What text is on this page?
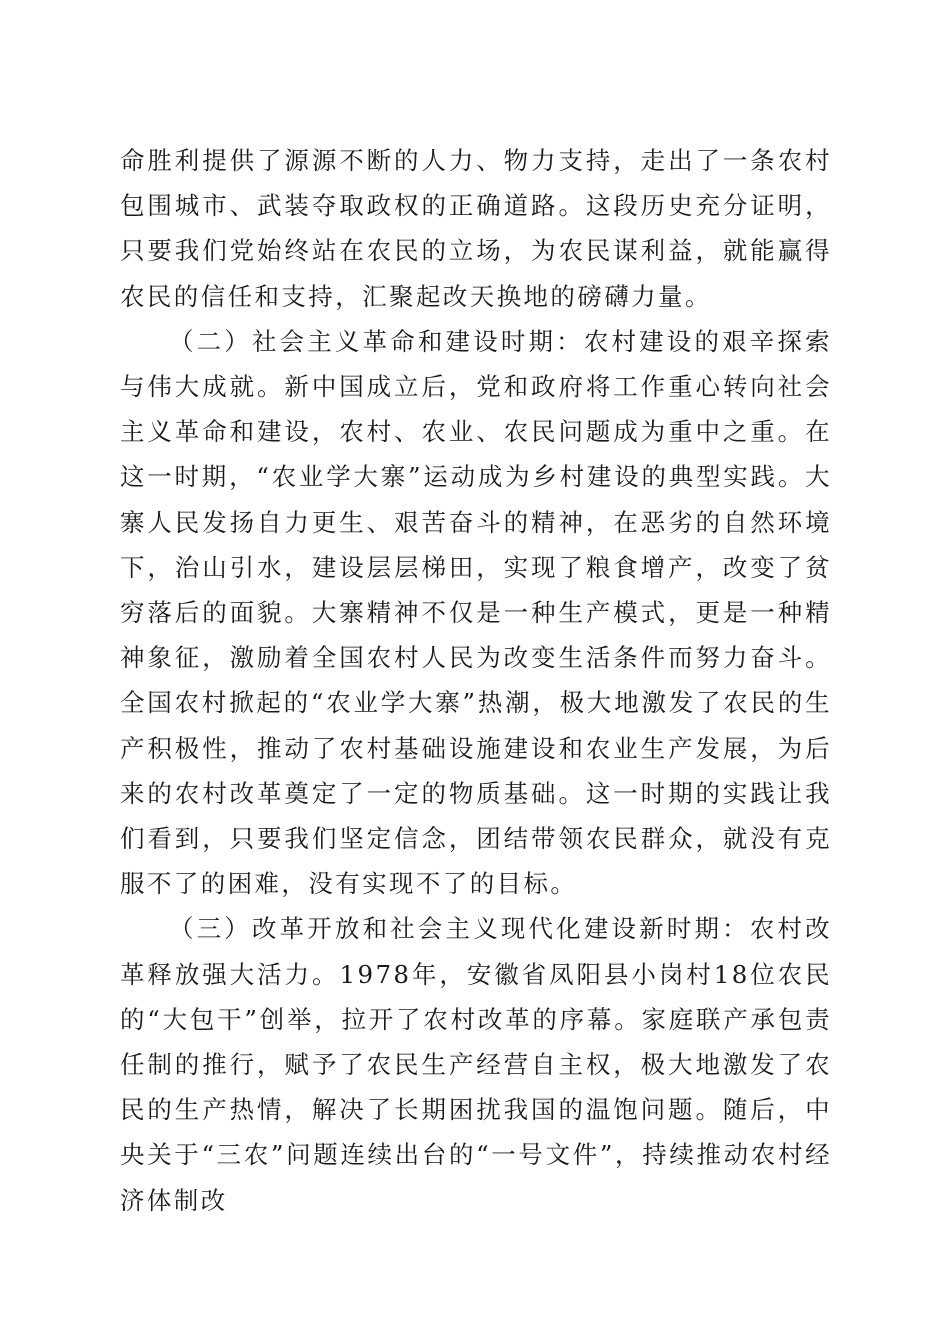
命胜利提供了源源不断的人力、物力支持，走出了一条农村包围城市、武装夺取政权的正确道路。这段历史充分证明，只要我们党始终站在农民的立场，为农民谋利益，就能赢得农民的信任和支持，汇聚起改天换地的磅礴力量。

（二）社会主义革命和建设时期：农村建设的艰辛探索与伟大成就。新中国成立后，党和政府将工作重心转向社会主义革命和建设，农村、农业、农民问题成为重中之重。在这一时期，“农业学大寨”运动成为乡村建设的典型实践。大寨人民发扬自力更生、艰苦奋斗的精神，在恶劣的自然环境下，治山引水，建设层层梯田，实现了粮食增产，改变了贫穷落后的面貌。大寨精神不仅是一种生产模式，更是一种精神象征，激励着全国农村人民为改变生活条件而努力奋斗。全国农村掀起的“农业学大寨”热潮，极大地激发了农民的生产积极性，推动了农村基础设施建设和农业生产发展，为后来的农村改革奠定了一定的物质基础。这一时期的实践让我们看到，只要我们坚定信念，团结带领农民群众，就没有克服不了的困难，没有实现不了的目标。

（三）改革开放和社会主义现代化建设新时期：农村改革释放强大活力。1978年，安徽省凤阳县小岗村18位农民的“大包干”创举，拉开了农村改革的序幕。家庭联产承包责任制的推行，赋予了农民生产经营自主权，极大地激发了农民的生产热情，解决了长期困扰我国的温饱问题。随后，中央关于“三农”问题连续出台的“一号文件”，持续推动农村经济体制改
